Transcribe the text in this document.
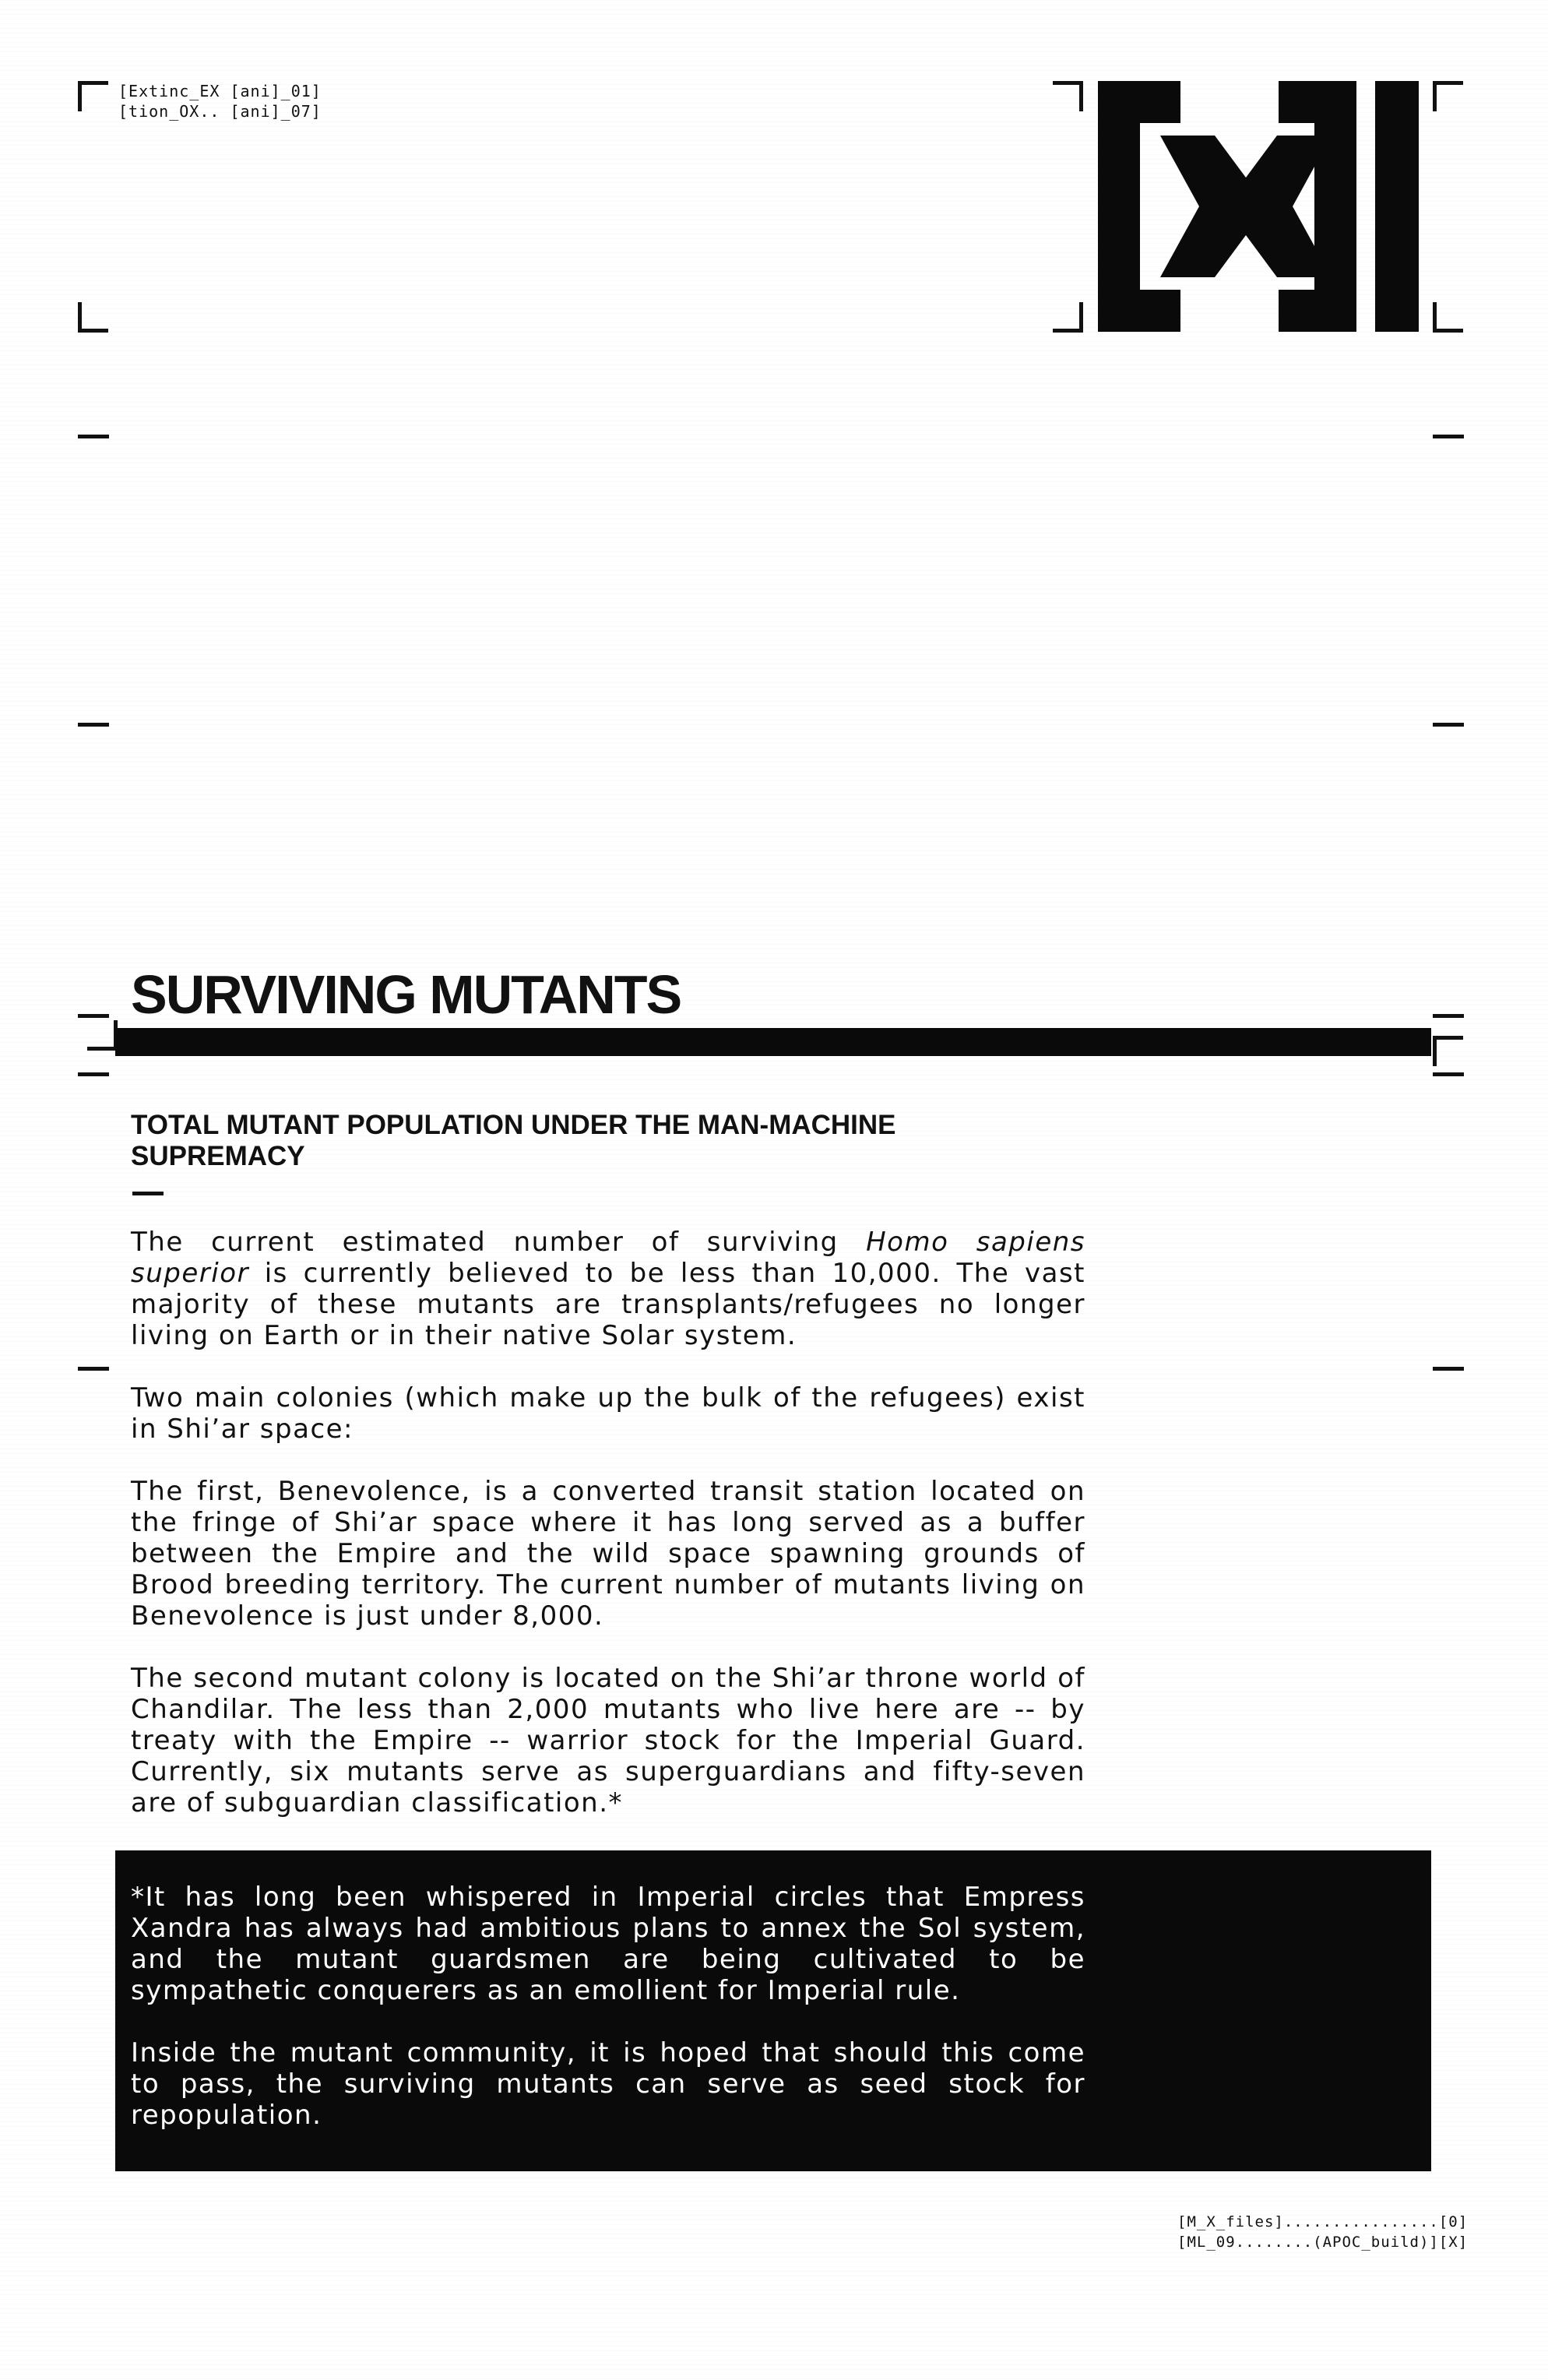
[Extinc_EX [ani]_01]
[tion_OX.. [ani]_07]
SURVIVING MUTANTS
TOTAL MUTANT POPULATION UNDER THE MAN-MACHINE SUPREMACY

The current estimated number of surviving Homo sapiens superior is currently believed to be less than 10,000. The vast majority of these mutants are transplants/refugees no longer living on Earth or in their native Solar system.

Two main colonies (which make up the bulk of the refugees) exist in Shi’ar space:

The first, Benevolence, is a converted transit station located on the fringe of Shi’ar space where it has long served as a buffer between the Empire and the wild space spawning grounds of Brood breeding territory. The current number of mutants living on Benevolence is just under 8,000.

The second mutant colony is located on the Shi’ar throne world of Chandilar. The less than 2,000 mutants who live here are -- by treaty with the Empire -- warrior stock for the Imperial Guard. Currently, six mutants serve as superguardians and fifty-seven are of subguardian classification.*

*It has long been whispered in Imperial circles that Empress Xandra has always had ambitious plans to annex the Sol system, and the mutant guardsmen are being cultivated to be sympathetic conquerers as an emollient for Imperial rule.

Inside the mutant community, it is hoped that should this come to pass, the surviving mutants can serve as seed stock for repopulation.

[M_X_files]................[0]
[ML_09........(APOC_build)][X]
